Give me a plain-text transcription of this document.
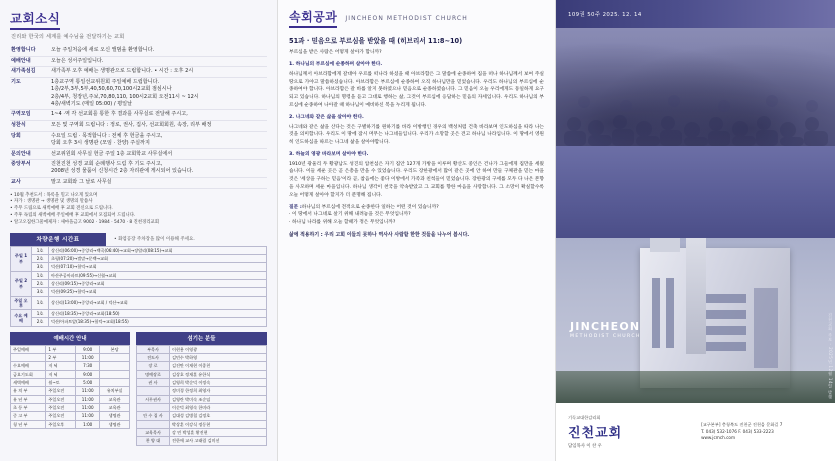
교회소식
진리와 한국의 세계를 예수님을 전달하기는 교회
환영합니다	오늘 주일처음에 새로 오신 앨범을 환영합니다.

예배안내	오늘은 성서주일입니다.

새가족섬김	새가족부 오후 예배는 생명관으로 드립합니다. • 시간 : 오후 2시

기도	1층교구역 통일선교위원회 주일예배 드립합니다.
1층/2부,3부,5부,40,50,60,70,100시2교회 점심시나
2층/4부, 청장년,주보,70,80,110, 100시2교회 오전11시 ~ 12시
4층/새벽기도 (매일 05:00) / 평일날

구역모임	1~4 ·역 각 선교회를 통한 후 결과를 사무실로 전달해 주시고,

성찬식	모든 및 구역회 드립니다 : 정로, 권사, 집사, 선교회회원, 속장, 리부 배정

당회	수요일 드립 · 목적합니다 : 전체 후 헌금을 주시고,
당회 오후 3시 생명관 (모임 · 찬양) 주실까지

문의안내	선교위원회 사무실 헌금 주일 1층 교회학교 사무실에서

중앙부서	진천진천 성경 교회 순례행사 드림 후 기도 주시고,
2008년 성경 물품이 신청시간 2층 자리관에 게시되어 있습니다.

교사	말고 교회와 그 날로 사무실
• 10월 추천도서 : 목록을 밀고 나오게 있으며
• 자가 : 생명관 → 생명관 및 생명의 말씀사
• 주무 드림으로 새벽예배 후 교회 전신으로 드립니다.
• 주후 독립의 새벽예배 주일예배 후 교회에서 모집되어 드립니다.
• 알고오집한그물예제자 : 새마을금고 9002 · 1984 · 5470 · 8 진천경리교회
차량운행 시간표	• 화염공장 주차장을 많이 이용해 주세요.
주일 1부	1호	상신리(06:00)→중앙리→백곡(06:40)→교회→장암리(08:15)→교회
	2호	초평(07:20)→벌말→문백→교회
	3호	덕산(07:10)→합덕→교회
주일 2부	1호	아산주공아파트(09:55)→신협→교회
	2호	상신리(09:15)→중앙리→교회
	3호	덕산(09:25)→합덕→교회
주일 오후	1호	상신리(13:00)→중앙리→교회 / 덕산→교회
수요 예배	1호	상신리(18:35)→중앙리→교회(18:50)
	2호	덕산/아파트앞(18:35)→합덕→교회(18:55)
예배시간 안내
주일예배	1 부	9:00	본당
	2 부	11:00	
수요예배	저 녁	7:30	
금요기도회	저 녁	9:00	
새벽예배	월~토	5:00	
유 치 부	주일오전	11:00	유치부실
유 년 부	주일오전	11:00	교육관
초 등 부	주일오전	11:00	교육관
중 고 부	주일오전	11:00	생명관
청 년 부	주일오후	1:00	생명관
섬기는 분들
부목사	이현용 이영광
전도사	김민수 박하영
장 로	김진만 이재현 이종천
명예장로	김상호 정재훈 유한식
권 사	김영희 박순덕 이정숙
	정미경 한정희 최영자
시무권사	김영란 박미숙 조순임
	이순덕 최영숙 한미라
안 수 집 사	김대성 김병철 김정호
	박상훈 이강식 정동현
교육목사	강 민 박성훈 황진현
찬 양 대	전한애 교사 고태림 김미선
속회공과 JINCHEON METHODIST CHURCH
51과 · 믿음으로 부르심을 받았을 때 (히브리서 11:8~10)

부르심을 받은 사람은 어떻게 살아가 합니까?

1. 하나님의 부르심에 순종하며 살아야 한다.

하나님께서 아브라함에게 갈대아 우르를 떠나라 하셨을 때 아브라함은 그 말씀에 순종하여 집을 떠나 하나님께서 보여 주실 땅으로 가야고 말씀하셨습니다. 아브라함은 부르심에 순종하여 오직 하나님만을 믿었습니다. 우리도 하나님의 부르심에 순종하여야 합니다. 아브라함은 갈 바를 알지 못하였으나 믿음으로 순종하였습니다. 그 믿음이 오늘 우리에게도 동일하게 요구되고 있습니다. 하나님의 명령을 듣고 그대로 행하는 삶, 그것이 부르심에 응답하는 믿음의 자세입니다. 우리도 하나님의 부르심에 순종하여 나아갈 때 하나님이 예비하신 복을 누리게 됩니다.

2. 나그네와 같은 삶을 살아야 한다.

나그네와 같은 삶을 산다는 것은 구별하기를 원하기를 바라 이방행인 경우의 백성처럼 건축 바라보며 인도하심을 따라 나는 것을 의미합니다. 우리도 이 땅에 잠시 머무는 나그네들입니다. 우리가 소망할 곳은 견고 하나님 나라입니다. 이 땅에서 영원히 인도하심을 따르는 나그네 삶을 살아야합니다.

3. 하늘의 영광 바라보며 살아야 한다.

1910년 광울리 두 황광남도 성진의 압천섬은 자기 집안 127개 가방을 이루며 황산도 중인은 건나가 그들에게 집만을 세웠습니다. 이들 세운 곳은 곧 은총을 만을 수 있었습니다. 우리도 장한광에서 많이 같은 곳에 안 하여 만들 구체관을 믿는 마을 것은 '세상을 구하는 믿음'이라 곧, 참음에는 좋다 이방에서 가족과 친척들이 믿었습니다. 장한광의 구세를 모두 다 나온 본향을 사모하며 세운 마을입니다. 하나님 생각이 천국을 약속받았고 그 교회를 향한 마음을 사랑합니다. 그 소망이 확실할수록 오늘 어떻게 살아야 할지가 더 분명해 집니다.

질문 :하나님의 부르심에 전적으로 순종한다 일하는 어떤 것이 있습니까?
· 이 땅에서 나그네로 살기 위해 내려놓을 것은 무엇입니까?
· 하나님 나라를 위해 오늘 할때가 정은 무엇입니까?
삶에 적용하기 : 우리 고회 이들의 못하나 역사사 사람할 한한 것들을 나누어 봅시다.
109권 50주 2025. 12. 14
JINCHEON
METHODIST CHURCH	진천교회 주보 · 2025년 12월 14일 발행
기독교대한감리회
진천교회
담임목사 이 찬 우
[교구본부] 충청북도 진천군 진천읍 문화길 7
T. 043) 532-1076 F. 043) 533-2223
www.jcmch.com
